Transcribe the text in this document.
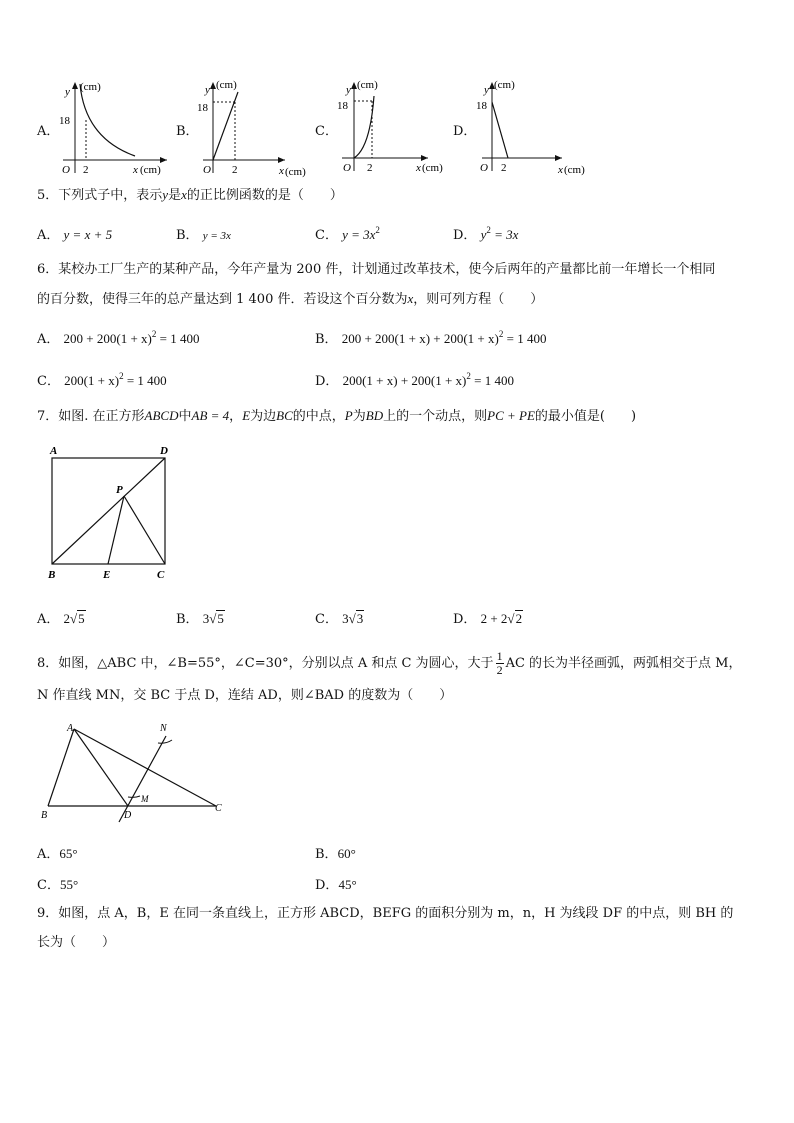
A．
y (cm)
18
O 2	x (cm)
B．
y (cm)
18
O 2	x (cm)
C．
y (cm)
18
O 2	x (cm)
D．
y (cm)
18
O 2	x (cm)
5．下列式子中，表示y是x的正比例函数的是（　　）
A． y = x + 5	B． y = 3x	C． $y = 3x^2$	D． $y^2 = 3x$
6．某校办工厂生产的某种产品，今年产量为 200 件，计划通过改革技术，使今后两年的产量都比前一年增长一个相同
的百分数，使得三年的总产量达到 1 400 件．若设这个百分数为x，则可列方程（　　）
A． $200 + 200(1 + x)^2 = 1$ 400	B． $200 + 200(1 + x) + 200(1 + x)^2 = 1$ 400
C． $200(1 + x)^2 = 1$ 400	D． $200(1 + x) + 200(1 + x)^2 = 1$ 400
7．如图. 在正方形ABCD中AB = 4，E为边BC的中点，P为BD上的一个动点，则PC + PE的最小值是(　　)
A	D
B	E	C
P
A． 2√5	B． 3√5	C． 3√3	D． 2 + 2√2
8．如图，△ABC 中，∠B=55°，∠C=30°，分别以点 A 和点 C 为圆心，大于 $\frac{1}{2}$ AC 的长为半径画弧，两弧相交于点 M，
N 作直线 MN，交 BC 于点 D，连结 AD，则∠BAD 的度数为（　　）
A
B	D
C
M
N
A．65°	B．60°
C．55°	D．45°
9．如图，点 A，B，E 在同一条直线上，正方形 ABCD，BEFG 的面积分别为 m，n，H 为线段 DF 的中点，则 BH 的
长为（　　）
